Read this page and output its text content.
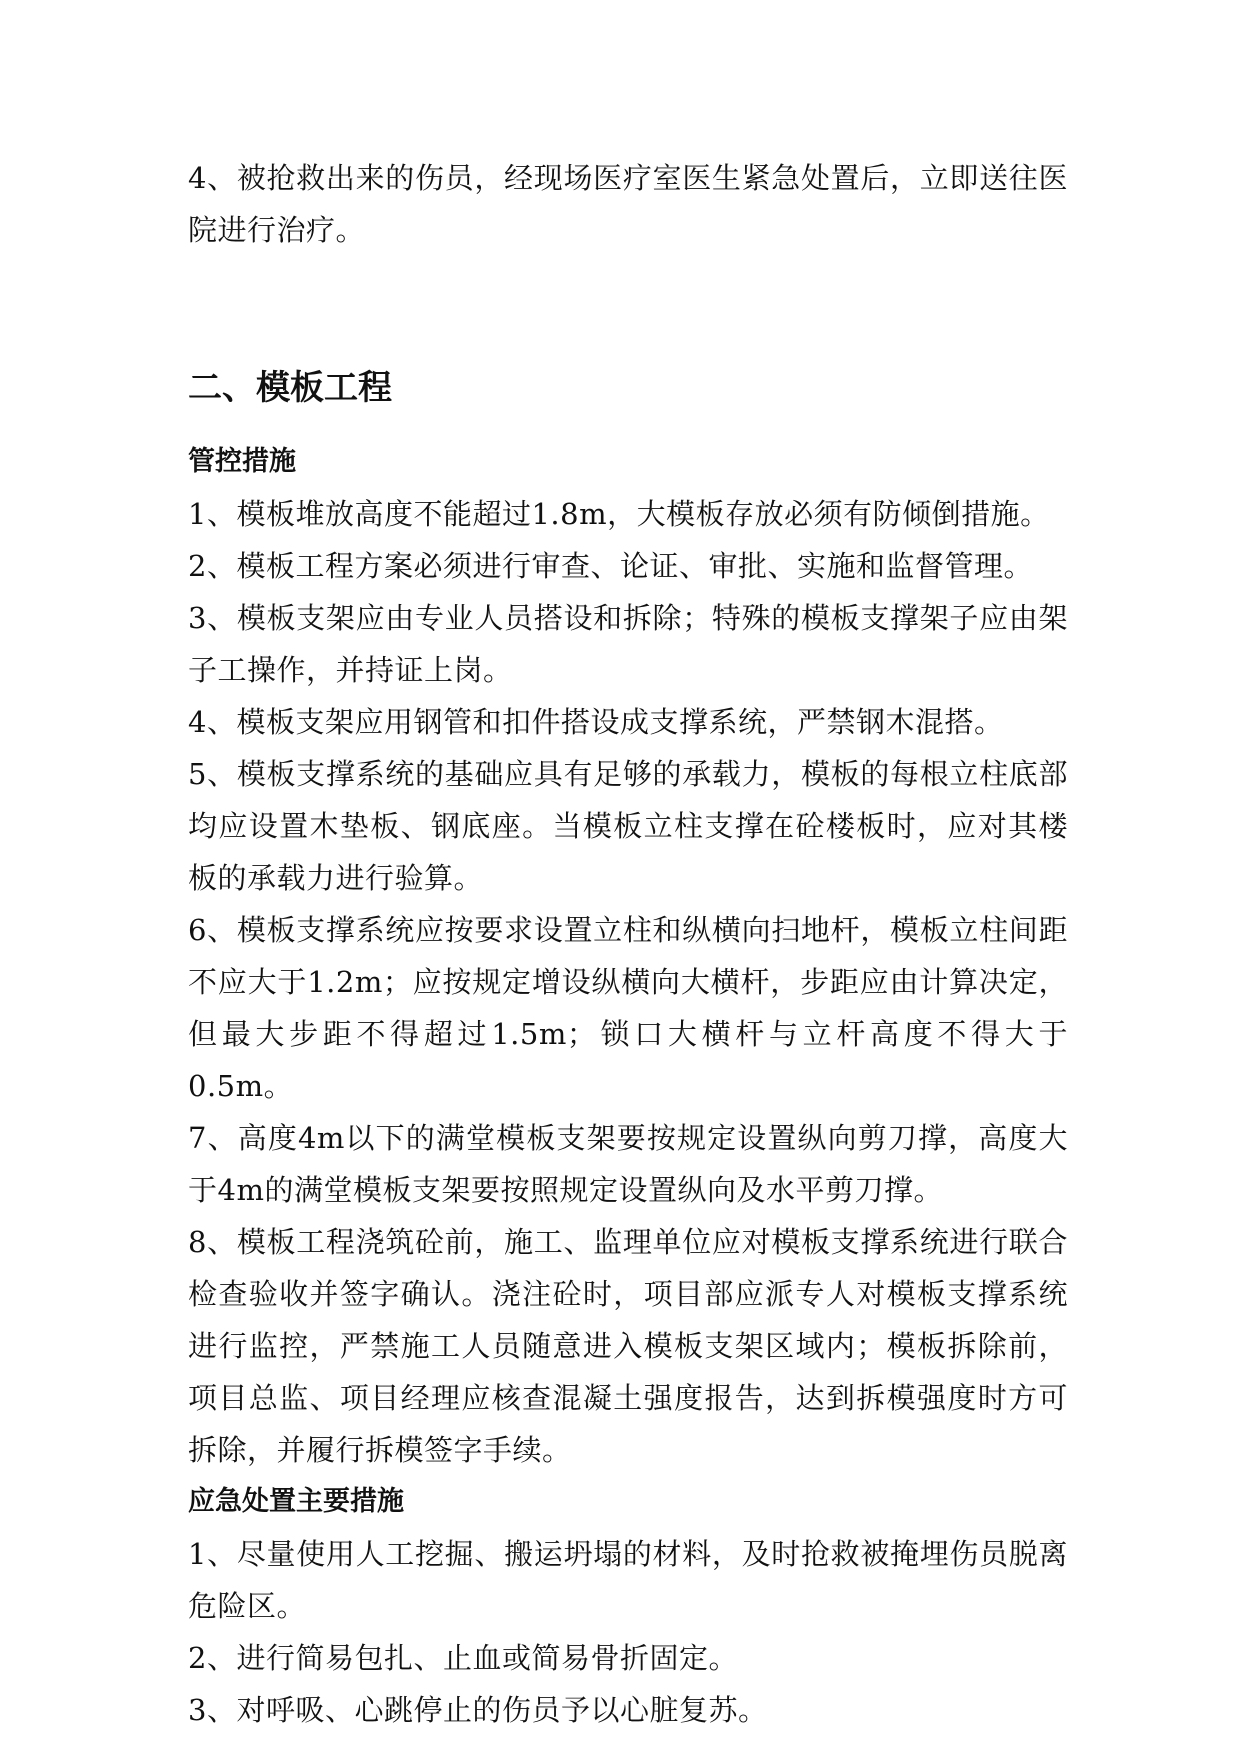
4、被抢救出来的伤员，经现场医疗室医生紧急处置后，立即送往医院进行治疗。

二、模板工程
管控措施
1、模板堆放高度不能超过1.8m，大模板存放必须有防倾倒措施。
2、模板工程方案必须进行审查、论证、审批、实施和监督管理。
3、模板支架应由专业人员搭设和拆除；特殊的模板支撑架子应由架子工操作，并持证上岗。
4、模板支架应用钢管和扣件搭设成支撑系统，严禁钢木混搭。
5、模板支撑系统的基础应具有足够的承载力，模板的每根立柱底部均应设置木垫板、钢底座。当模板立柱支撑在砼楼板时，应对其楼板的承载力进行验算。
6、模板支撑系统应按要求设置立柱和纵横向扫地杆，模板立柱间距不应大于1.2m；应按规定增设纵横向大横杆，步距应由计算决定，但最大步距不得超过1.5m；锁口大横杆与立杆高度不得大于0.5m。
7、高度4m以下的满堂模板支架要按规定设置纵向剪刀撑，高度大于4m的满堂模板支架要按照规定设置纵向及水平剪刀撑。
8、模板工程浇筑砼前，施工、监理单位应对模板支撑系统进行联合检查验收并签字确认。浇注砼时，项目部应派专人对模板支撑系统进行监控，严禁施工人员随意进入模板支架区域内；模板拆除前，项目总监、项目经理应核查混凝土强度报告，达到拆模强度时方可拆除，并履行拆模签字手续。
应急处置主要措施
1、尽量使用人工挖掘、搬运坍塌的材料，及时抢救被掩埋伤员脱离危险区。
2、进行简易包扎、止血或简易骨折固定。
3、对呼吸、心跳停止的伤员予以心脏复苏。
